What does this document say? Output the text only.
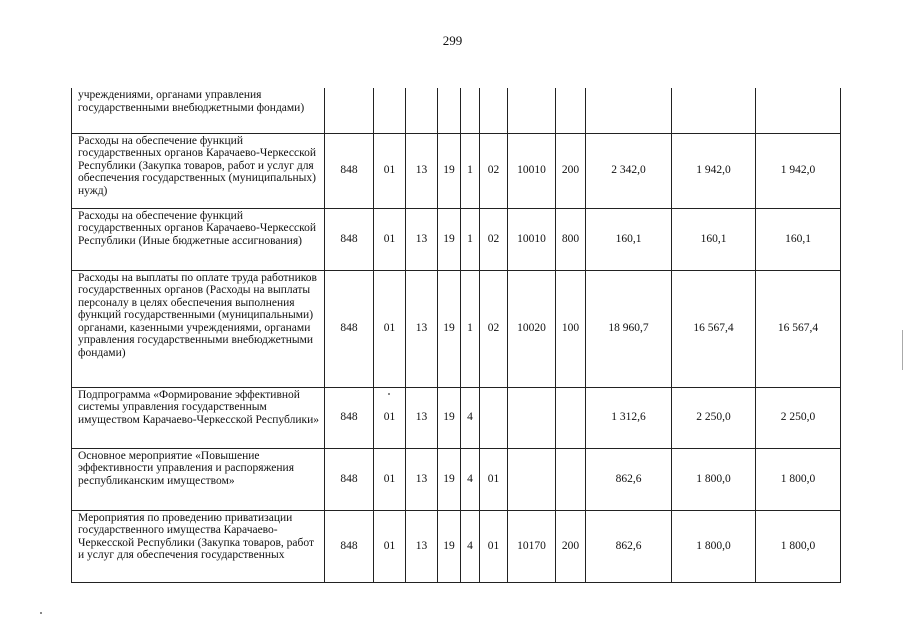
299
учреждениями, органами управления государственными внебюджетными фондами)											
Расходы на обеспечение функций государственных органов Карачаево-Черкесской Республики (Закупка товаров, работ и услуг для обеспечения государственных (муниципальных) нужд)	848	01	13	19	1	02	10010	200	2 342,0	1 942,0	1 942,0
Расходы на обеспечение функций государственных органов Карачаево-Черкесской Республики (Иные бюджетные ассигнования)	848	01	13	19	1	02	10010	800	160,1	160,1	160,1
Расходы на выплаты по оплате труда работников государственных органов (Расходы на выплаты персоналу в целях обеспечения выполнения функций государственными (муниципальными) органами, казенными учреждениями, органами управления государственными внебюджетными фондами)	848	01	13	19	1	02	10020	100	18 960,7	16 567,4	16 567,4
Подпрограмма «Формирование эффективной системы управления государственным имуществом Карачаево-Черкесской Республики»	848	01	13	19	4				1 312,6	2 250,0	2 250,0
Основное мероприятие «Повышение эффективности управления и распоряжения республиканским имуществом»	848	01	13	19	4	01			862,6	1 800,0	1 800,0
Мероприятия по проведению приватизации государственного имущества Карачаево-Черкесской Республики (Закупка товаров, работ и услуг для обеспечения государственных	848	01	13	19	4	01	10170	200	862,6	1 800,0	1 800,0
